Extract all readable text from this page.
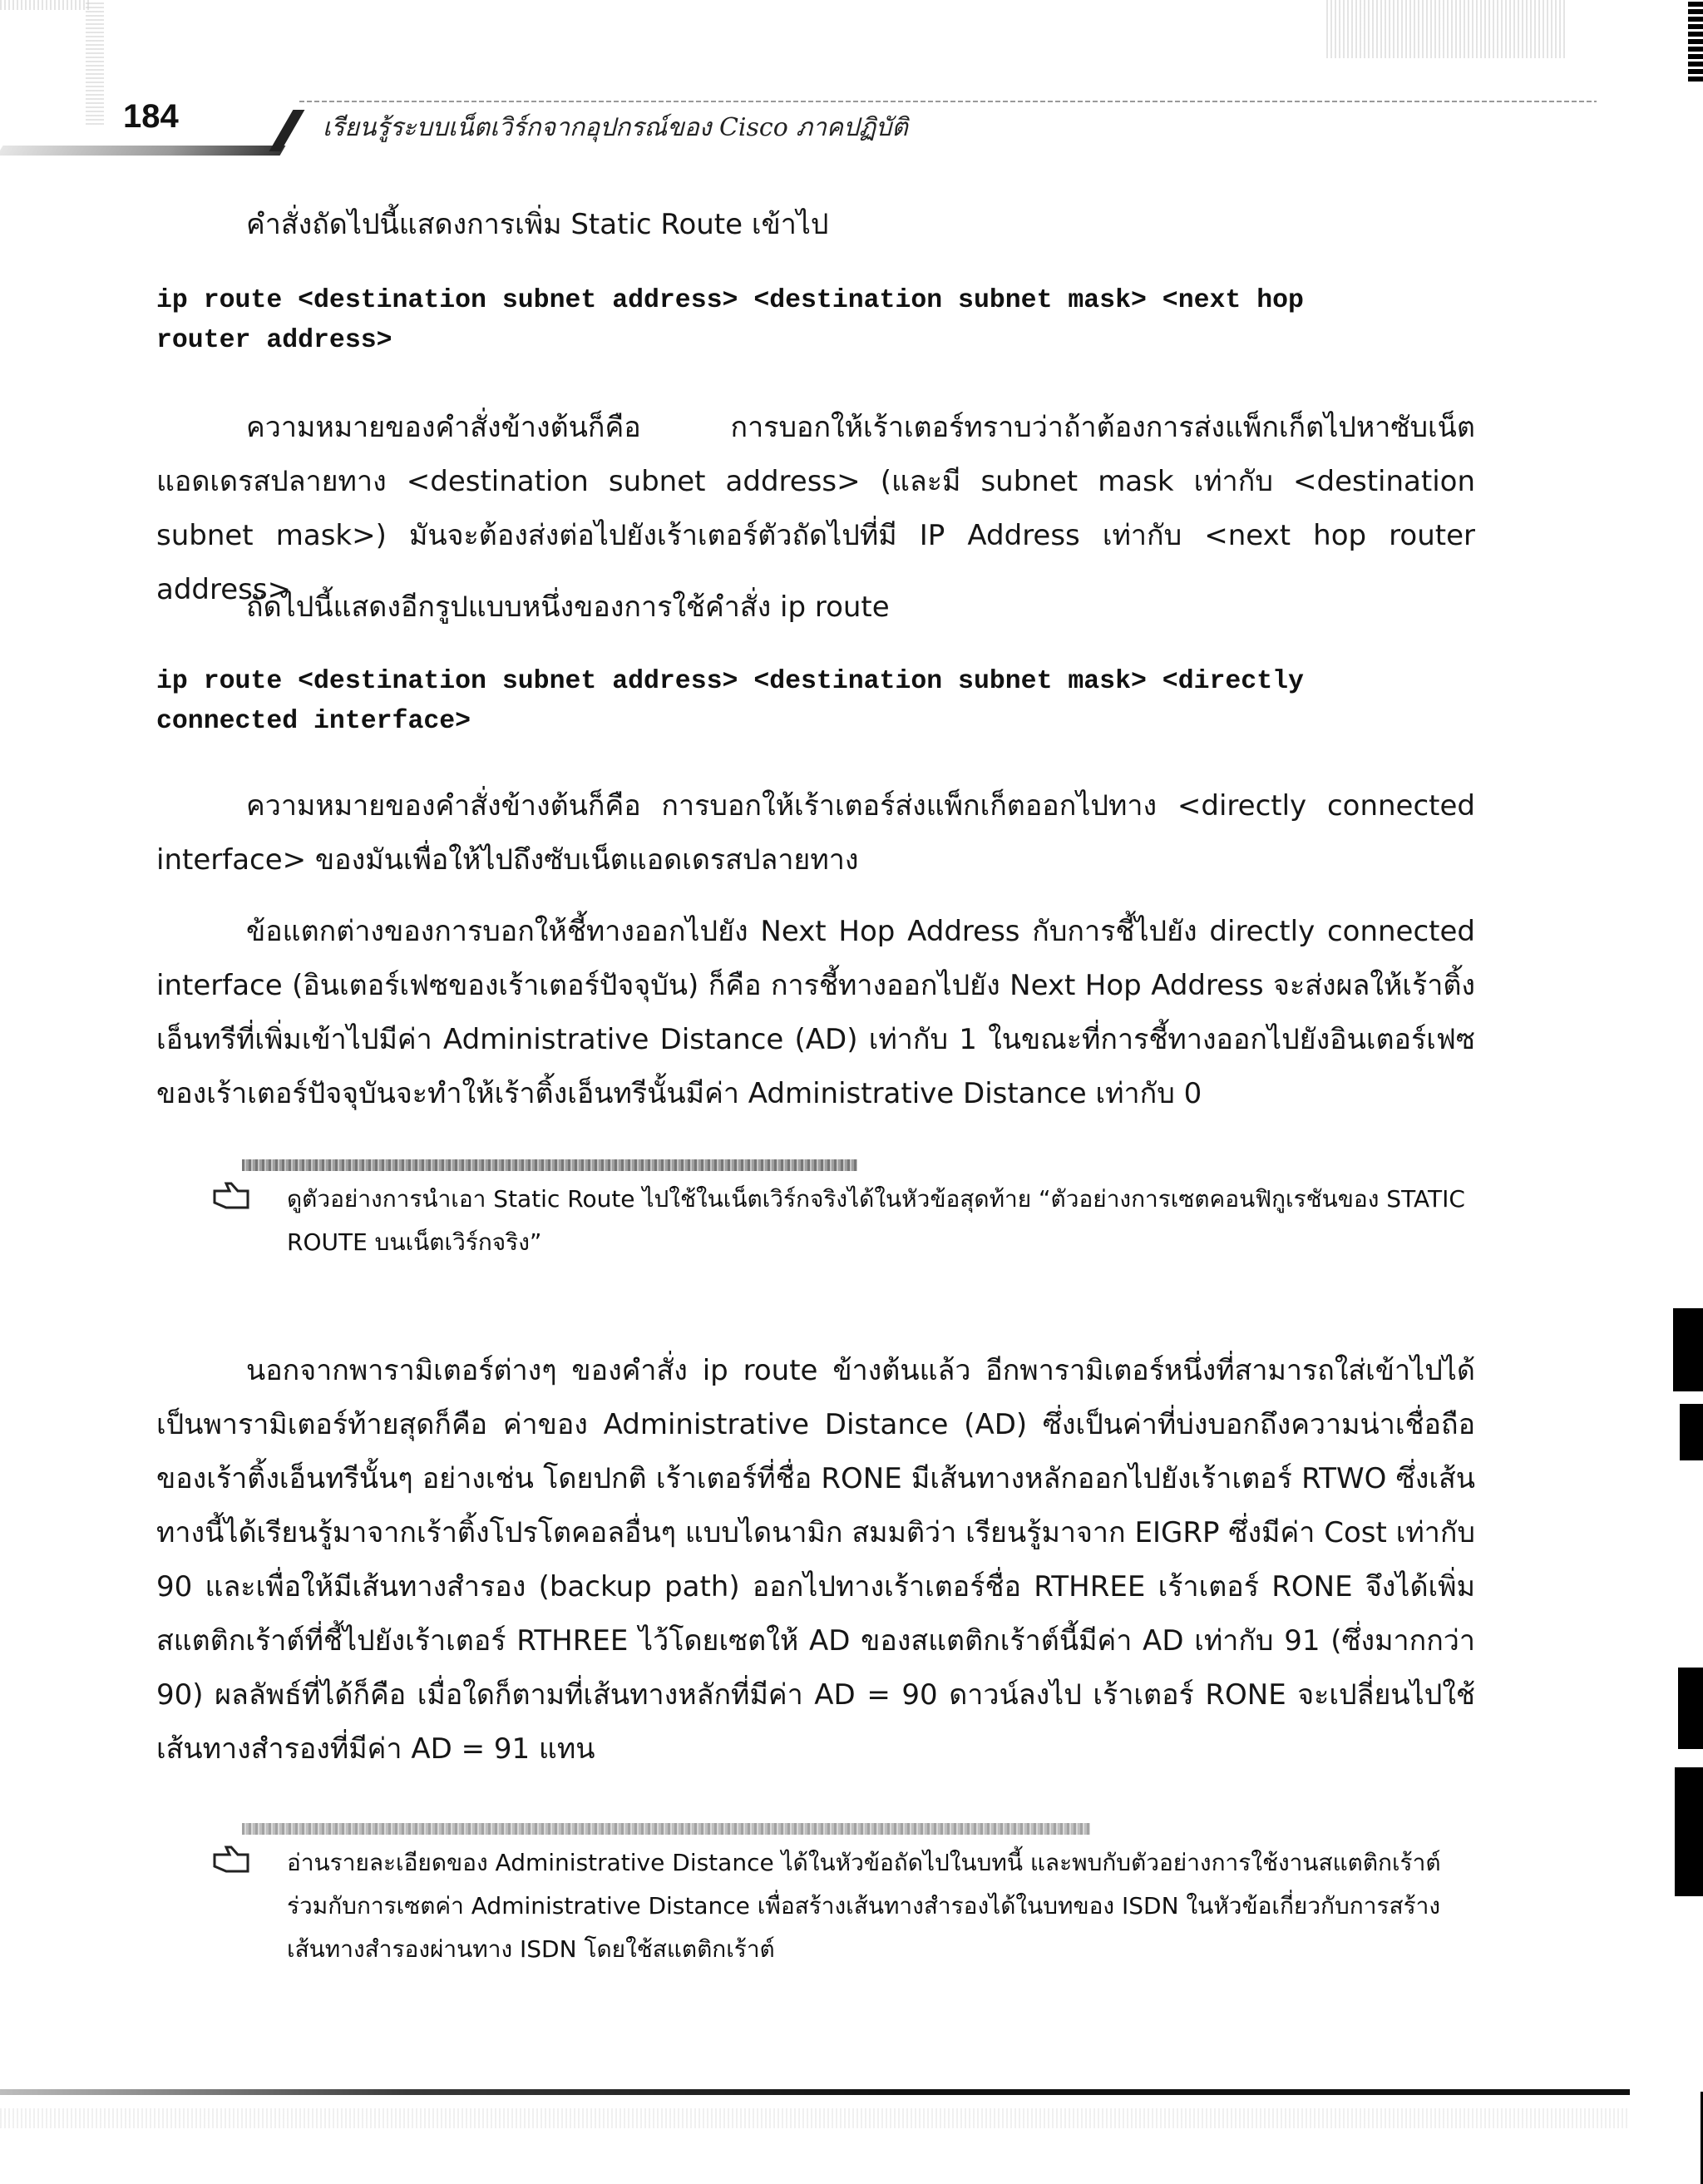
184	เรียนรู้ระบบเน็ตเวิร์กจากอุปกรณ์ของ Cisco ภาคปฏิบัติ
คำสั่งถัดไปนี้แสดงการเพิ่ม Static Route เข้าไป
ip route <destination subnet address> <destination subnet mask> <next hop
router address>
ความหมายของคำสั่งข้างต้นก็คือ การบอกให้เร้าเตอร์ทราบว่าถ้าต้องการส่งแพ็กเก็ตไปหาซับเน็ตแอดเดรสปลายทาง <destination subnet address> (และมี subnet mask เท่ากับ <destination subnet mask>) มันจะต้องส่งต่อไปยังเร้าเตอร์ตัวถัดไปที่มี IP Address เท่ากับ <next hop router address>
ถัดไปนี้แสดงอีกรูปแบบหนึ่งของการใช้คำสั่ง ip route
ip route <destination subnet address> <destination subnet mask> <directly
connected interface>
ความหมายของคำสั่งข้างต้นก็คือ การบอกให้เร้าเตอร์ส่งแพ็กเก็ตออกไปทาง <directly connected interface> ของมันเพื่อให้ไปถึงซับเน็ตแอดเดรสปลายทาง
ข้อแตกต่างของการบอกให้ชี้ทางออกไปยัง Next Hop Address กับการชี้ไปยัง directly connected interface (อินเตอร์เฟซของเร้าเตอร์ปัจจุบัน) ก็คือ การชี้ทางออกไปยัง Next Hop Address จะส่งผลให้เร้าติ้งเอ็นทรีที่เพิ่มเข้าไปมีค่า Administrative Distance (AD) เท่ากับ 1 ในขณะที่การชี้ทางออกไปยังอินเตอร์เฟซของเร้าเตอร์ปัจจุบันจะทำให้เร้าติ้งเอ็นทรีนั้นมีค่า Administrative Distance เท่ากับ 0
ดูตัวอย่างการนำเอา Static Route ไปใช้ในเน็ตเวิร์กจริงได้ในหัวข้อสุดท้าย “ตัวอย่างการเซตคอนฟิกูเรชันของ STATIC ROUTE บนเน็ตเวิร์กจริง”
นอกจากพารามิเตอร์ต่างๆ ของคำสั่ง ip route ข้างต้นแล้ว อีกพารามิเตอร์หนึ่งที่สามารถใส่เข้าไปได้เป็นพารามิเตอร์ท้ายสุดก็คือ ค่าของ Administrative Distance (AD) ซึ่งเป็นค่าที่บ่งบอกถึงความน่าเชื่อถือของเร้าติ้งเอ็นทรีนั้นๆ อย่างเช่น โดยปกติ เร้าเตอร์ที่ชื่อ RONE มีเส้นทางหลักออกไปยังเร้าเตอร์ RTWO ซึ่งเส้นทางนี้ได้เรียนรู้มาจากเร้าติ้งโปรโตคอลอื่นๆ แบบไดนามิก สมมติว่า เรียนรู้มาจาก EIGRP ซึ่งมีค่า Cost เท่ากับ 90 และเพื่อให้มีเส้นทางสำรอง (backup path) ออกไปทางเร้าเตอร์ชื่อ RTHREE เร้าเตอร์ RONE จึงได้เพิ่มสแตติกเร้าต์ที่ชี้ไปยังเร้าเตอร์ RTHREE ไว้โดยเซตให้ AD ของสแตติกเร้าต์นี้มีค่า AD เท่ากับ 91 (ซึ่งมากกว่า 90) ผลลัพธ์ที่ได้ก็คือ เมื่อใดก็ตามที่เส้นทางหลักที่มีค่า AD = 90 ดาวน์ลงไป เร้าเตอร์ RONE จะเปลี่ยนไปใช้เส้นทางสำรองที่มีค่า AD = 91 แทน
อ่านรายละเอียดของ Administrative Distance ได้ในหัวข้อถัดไปในบทนี้ และพบกับตัวอย่างการใช้งานสแตติกเร้าต์ร่วมกับการเซตค่า Administrative Distance เพื่อสร้างเส้นทางสำรองได้ในบทของ ISDN ในหัวข้อเกี่ยวกับการสร้างเส้นทางสำรองผ่านทาง ISDN โดยใช้สแตติกเร้าต์
